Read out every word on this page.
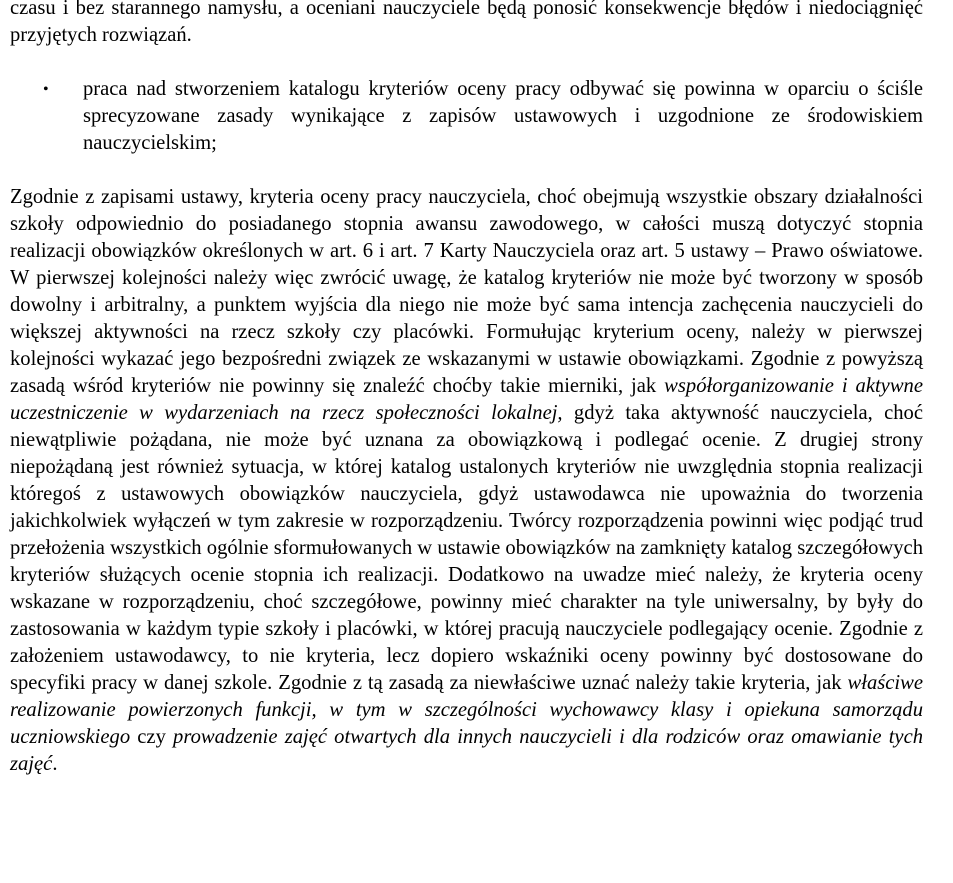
czasu i bez starannego namysłu, a oceniani nauczyciele będą ponosić konsekwencje błędów i niedociągnięć przyjętych rozwiązań.

• praca nad stworzeniem katalogu kryteriów oceny pracy odbywać się powinna w oparciu o ściśle sprecyzowane zasady wynikające z zapisów ustawowych i uzgodnione ze środowiskiem nauczycielskim;

Zgodnie z zapisami ustawy, kryteria oceny pracy nauczyciela, choć obejmują wszystkie obszary działalności szkoły odpowiednio do posiadanego stopnia awansu zawodowego, w całości muszą dotyczyć stopnia realizacji obowiązków określonych w art. 6 i art. 7 Karty Nauczyciela oraz art. 5 ustawy – Prawo oświatowe. W pierwszej kolejności należy więc zwrócić uwagę, że katalog kryteriów nie może być tworzony w sposób dowolny i arbitralny, a punktem wyjścia dla niego nie może być sama intencja zachęcenia nauczycieli do większej aktywności na rzecz szkoły czy placówki. Formułując kryterium oceny, należy w pierwszej kolejności wykazać jego bezpośredni związek ze wskazanymi w ustawie obowiązkami. Zgodnie z powyższą zasadą wśród kryteriów nie powinny się znaleźć choćby takie mierniki, jak współorganizowanie i aktywne uczestniczenie w wydarzeniach na rzecz społeczności lokalnej, gdyż taka aktywność nauczyciela, choć niewątpliwie pożądana, nie może być uznana za obowiązkową i podlegać ocenie. Z drugiej strony niepożądaną jest również sytuacja, w której katalog ustalonych kryteriów nie uwzględnia stopnia realizacji któregoś z ustawowych obowiązków nauczyciela, gdyż ustawodawca nie upoważnia do tworzenia jakichkolwiek wyłączeń w tym zakresie w rozporządzeniu. Twórcy rozporządzenia powinni więc podjąć trud przełożenia wszystkich ogólnie sformułowanych w ustawie obowiązków na zamknięty katalog szczegółowych kryteriów służących ocenie stopnia ich realizacji. Dodatkowo na uwadze mieć należy, że kryteria oceny wskazane w rozporządzeniu, choć szczegółowe, powinny mieć charakter na tyle uniwersalny, by były do zastosowania w każdym typie szkoły i placówki, w której pracują nauczyciele podlegający ocenie. Zgodnie z założeniem ustawodawcy, to nie kryteria, lecz dopiero wskaźniki oceny powinny być dostosowane do specyfiki pracy w danej szkole. Zgodnie z tą zasadą za niewłaściwe uznać należy takie kryteria, jak właściwe realizowanie powierzonych funkcji, w tym w szczególności wychowawcy klasy i opiekuna samorządu uczniowskiego czy prowadzenie zajęć otwartych dla innych nauczycieli i dla rodziców oraz omawianie tych zajęć.
